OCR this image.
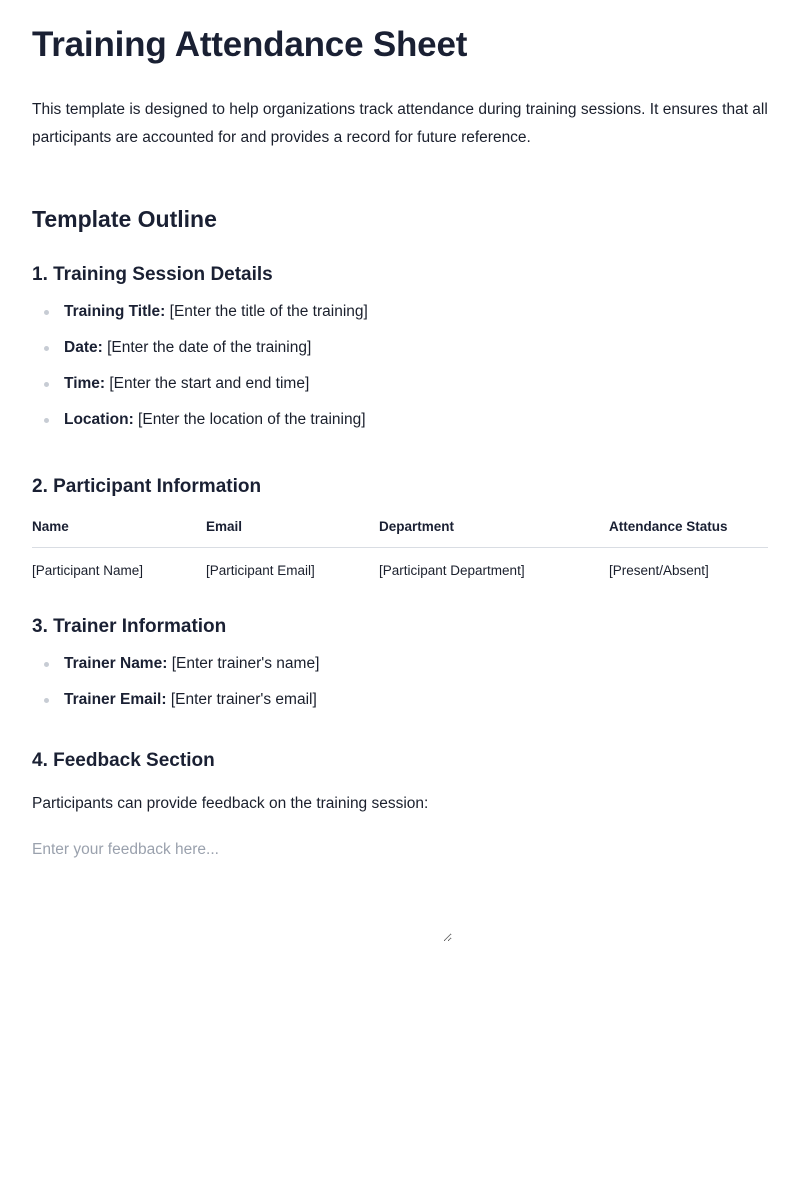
Training Attendance Sheet

This template is designed to help organizations track attendance during training sessions. It ensures that all participants are accounted for and provides a record for future reference.

Template Outline
1. Training Session Details
Training Title: [Enter the title of the training]
Date: [Enter the date of the training]
Time: [Enter the start and end time]
Location: [Enter the location of the training]
2. Participant Information
Name	Email	Department	Attendance Status
[Participant Name]	[Participant Email]	[Participant Department]	[Present/Absent]
3. Trainer Information
Trainer Name: [Enter trainer's name]
Trainer Email: [Enter trainer's email]
4. Feedback Section

Participants can provide feedback on the training session:

Enter your feedback here...
